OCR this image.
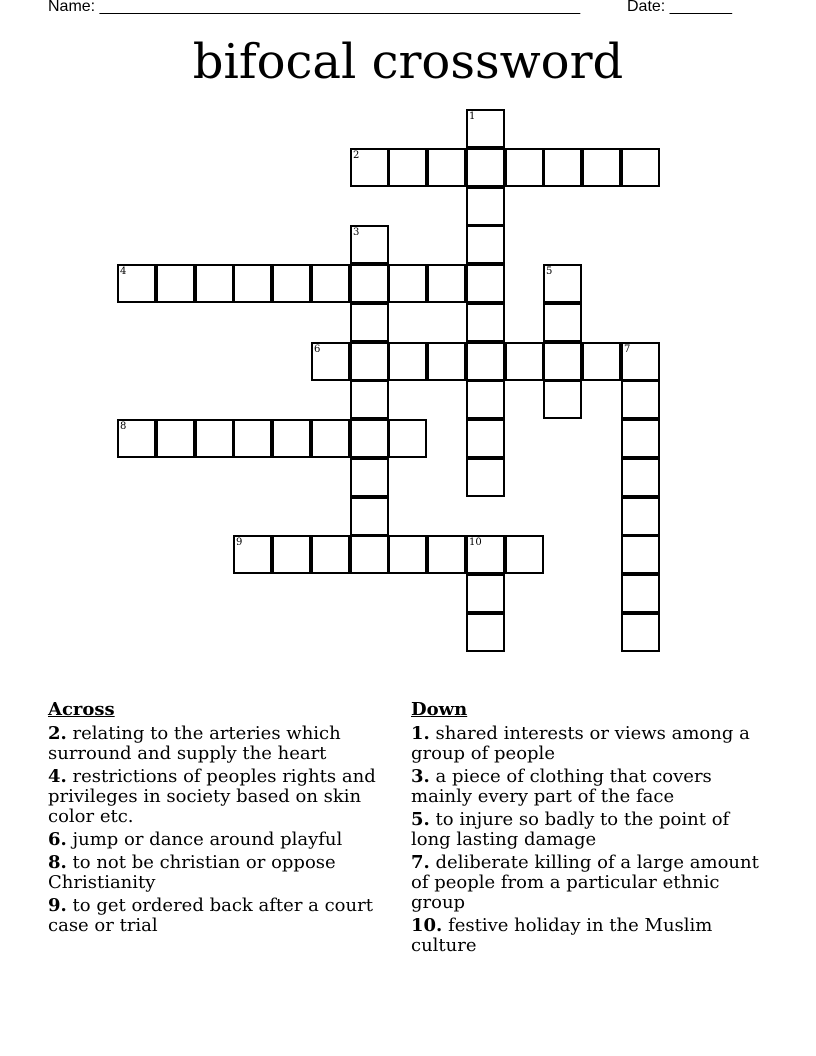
Name: ______________________________________________________	Date: _______
bifocal crossword
1
2
3
4	5
6	7
8
9	10
Across
2. relating to the arteries which surround and supply the heart
4. restrictions of peoples rights and privileges in society based on skin color etc.
6. jump or dance around playful
8. to not be christian or oppose Christianity
9. to get ordered back after a court case or trial
Down
1. shared interests or views among a group of people
3. a piece of clothing that covers mainly every part of the face
5. to injure so badly to the point of long lasting damage
7. deliberate killing of a large amount of people from a particular ethnic group
10. festive holiday in the Muslim culture
